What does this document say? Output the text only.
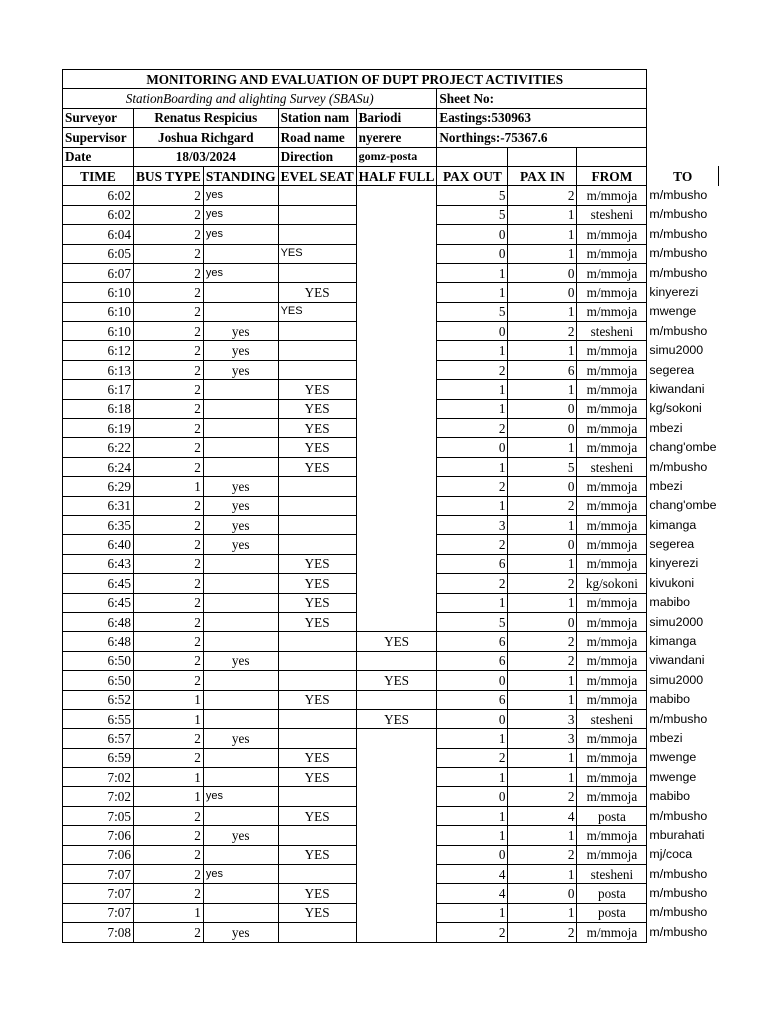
MONITORING AND EVALUATION OF DUPT PROJECT ACTIVITIES								
StationBoarding and alighting Survey (SBASu)					Sheet No:			
Surveyor	Renatus Respicius		Station nam	Bariodi	Eastings:530963			
Supervisor	Joshua Richgard		Road name	nyerere	Northings:-75367.6			
Date	18/03/2024		Direction	gomz-posta				
TIME	BUS TYPE	STANDING	EVEL SEAT	HALF FULL	PAX OUT	PAX IN	FROM	TO
6:02	2	yes			5	2	m/mmoja	m/mbusho
6:02	2	yes			5	1	stesheni	m/mbusho
6:04	2	yes			0	1	m/mmoja	m/mbusho
6:05	2		YES		0	1	m/mmoja	m/mbusho
6:07	2	yes			1	0	m/mmoja	m/mbusho
6:10	2		YES		1	0	m/mmoja	kinyerezi
6:10	2		YES		5	1	m/mmoja	mwenge
6:10	2	yes			0	2	stesheni	m/mbusho
6:12	2	yes			1	1	m/mmoja	simu2000
6:13	2	yes			2	6	m/mmoja	segerea
6:17	2		YES		1	1	m/mmoja	kiwandani
6:18	2		YES		1	0	m/mmoja	kg/sokoni
6:19	2		YES		2	0	m/mmoja	mbezi
6:22	2		YES		0	1	m/mmoja	chang'ombe
6:24	2		YES		1	5	stesheni	m/mbusho
6:29	1	yes			2	0	m/mmoja	mbezi
6:31	2	yes			1	2	m/mmoja	chang'ombe
6:35	2	yes			3	1	m/mmoja	kimanga
6:40	2	yes			2	0	m/mmoja	segerea
6:43	2		YES		6	1	m/mmoja	kinyerezi
6:45	2		YES		2	2	kg/sokoni	kivukoni
6:45	2		YES		1	1	m/mmoja	mabibo
6:48	2		YES		5	0	m/mmoja	simu2000
6:48	2			YES	6	2	m/mmoja	kimanga
6:50	2	yes			6	2	m/mmoja	viwandani
6:50	2			YES	0	1	m/mmoja	simu2000
6:52	1		YES		6	1	m/mmoja	mabibo
6:55	1			YES	0	3	stesheni	m/mbusho
6:57	2	yes			1	3	m/mmoja	mbezi
6:59	2		YES		2	1	m/mmoja	mwenge
7:02	1		YES		1	1	m/mmoja	mwenge
7:02	1	yes			0	2	m/mmoja	mabibo
7:05	2		YES		1	4	posta	m/mbusho
7:06	2	yes			1	1	m/mmoja	mburahati
7:06	2		YES		0	2	m/mmoja	mj/coca
7:07	2	yes			4	1	stesheni	m/mbusho
7:07	2		YES		4	0	posta	m/mbusho
7:07	1		YES		1	1	posta	m/mbusho
7:08	2	yes			2	2	m/mmoja	m/mbusho
